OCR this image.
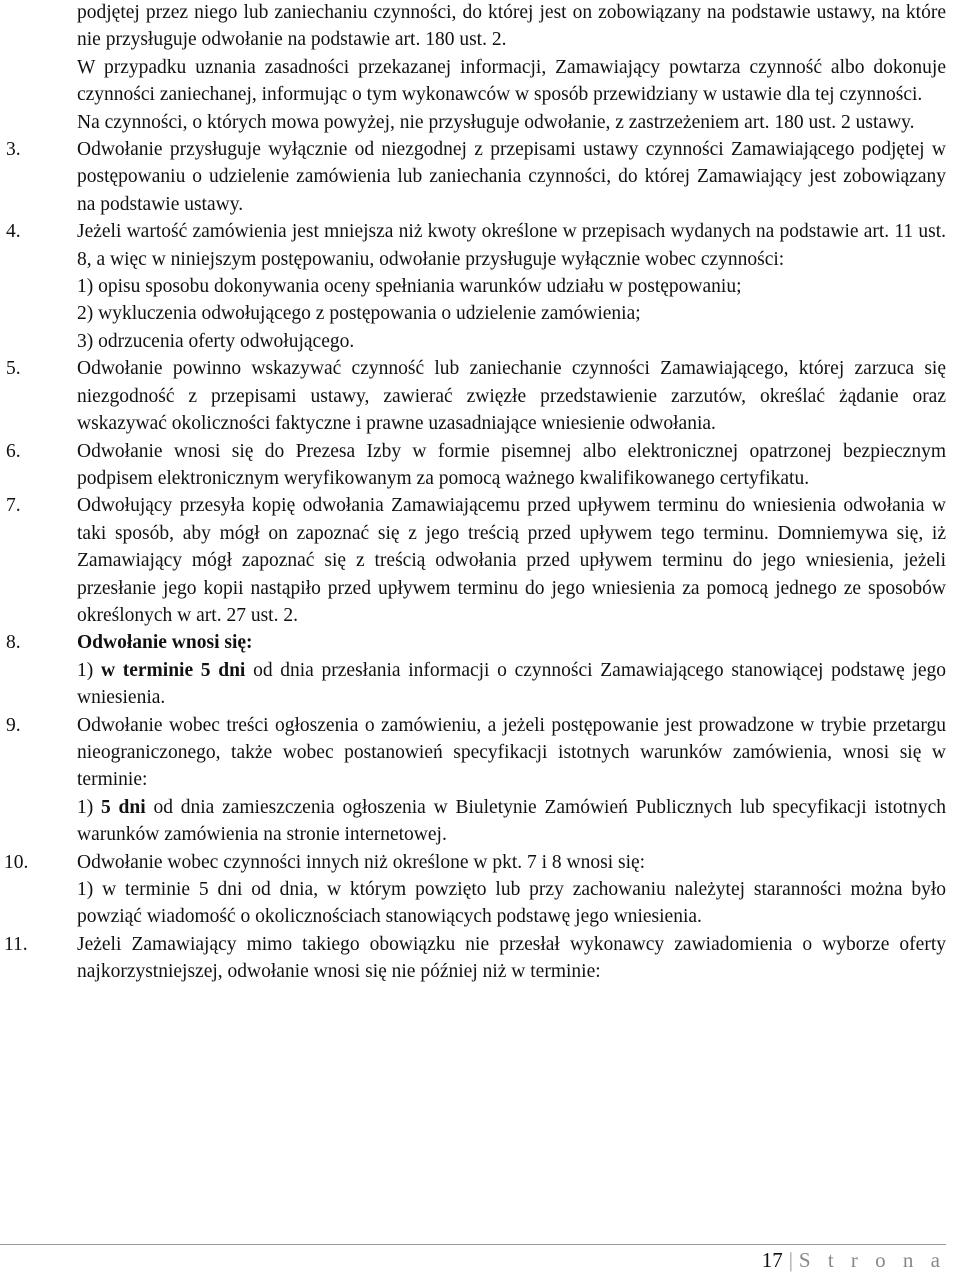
podjętej przez niego lub zaniechaniu czynności, do której jest on zobowiązany na podstawie ustawy, na które nie przysługuje odwołanie na podstawie art. 180 ust. 2.
W przypadku uznania zasadności przekazanej informacji, Zamawiający powtarza czynność albo dokonuje czynności zaniechanej, informując o tym wykonawców w sposób przewidziany w ustawie dla tej czynności.
Na czynności, o których mowa powyżej, nie przysługuje odwołanie, z zastrzeżeniem art. 180 ust. 2 ustawy.
3.	Odwołanie przysługuje wyłącznie od niezgodnej z przepisami ustawy czynności Zamawiającego podjętej w postępowaniu o udzielenie zamówienia lub zaniechania czynności, do której Zamawiający jest zobowiązany na podstawie ustawy.
4.	Jeżeli wartość zamówienia jest mniejsza niż kwoty określone w przepisach wydanych na podstawie art. 11 ust. 8, a więc w niniejszym postępowaniu, odwołanie przysługuje wyłącznie wobec czynności:
1) opisu sposobu dokonywania oceny spełniania warunków udziału w postępowaniu;
2) wykluczenia odwołującego z postępowania o udzielenie zamówienia;
3) odrzucenia oferty odwołującego.
5.	Odwołanie powinno wskazywać czynność lub zaniechanie czynności Zamawiającego, której zarzuca się niezgodność z przepisami ustawy, zawierać zwięzłe przedstawienie zarzutów, określać żądanie oraz wskazywać okoliczności faktyczne i prawne uzasadniające wniesienie odwołania.
6.	Odwołanie wnosi się do Prezesa Izby w formie pisemnej albo elektronicznej opatrzonej bezpiecznym podpisem elektronicznym weryfikowanym za pomocą ważnego kwalifikowanego certyfikatu.
7.	Odwołujący przesyła kopię odwołania Zamawiającemu przed upływem terminu do wniesienia odwołania w taki sposób, aby mógł on zapoznać się z jego treścią przed upływem tego terminu. Domniemywa się, iż Zamawiający mógł zapoznać się z treścią odwołania przed upływem terminu do jego wniesienia, jeżeli przesłanie jego kopii nastąpiło przed upływem terminu do jego wniesienia za pomocą jednego ze sposobów określonych w art. 27 ust. 2.
8.	Odwołanie wnosi się:
1) w terminie 5 dni od dnia przesłania informacji o czynności Zamawiającego stanowiącej podstawę jego wniesienia.
9.	Odwołanie wobec treści ogłoszenia o zamówieniu, a jeżeli postępowanie jest prowadzone w trybie przetargu nieograniczonego, także wobec postanowień specyfikacji istotnych warunków zamówienia, wnosi się w terminie:
1) 5 dni od dnia zamieszczenia ogłoszenia w Biuletynie Zamówień Publicznych lub specyfikacji istotnych warunków zamówienia na stronie internetowej.
10. Odwołanie wobec czynności innych niż określone w pkt. 7 i 8 wnosi się:
1) w terminie 5 dni od dnia, w którym powzięto lub przy zachowaniu należytej staranności można było powziąć wiadomość o okolicznościach stanowiących podstawę jego wniesienia.
11.	Jeżeli Zamawiający mimo takiego obowiązku nie przesłał wykonawcy zawiadomienia o wyborze oferty najkorzystniejszej, odwołanie wnosi się nie później niż w terminie:
17 | S t r o n a
